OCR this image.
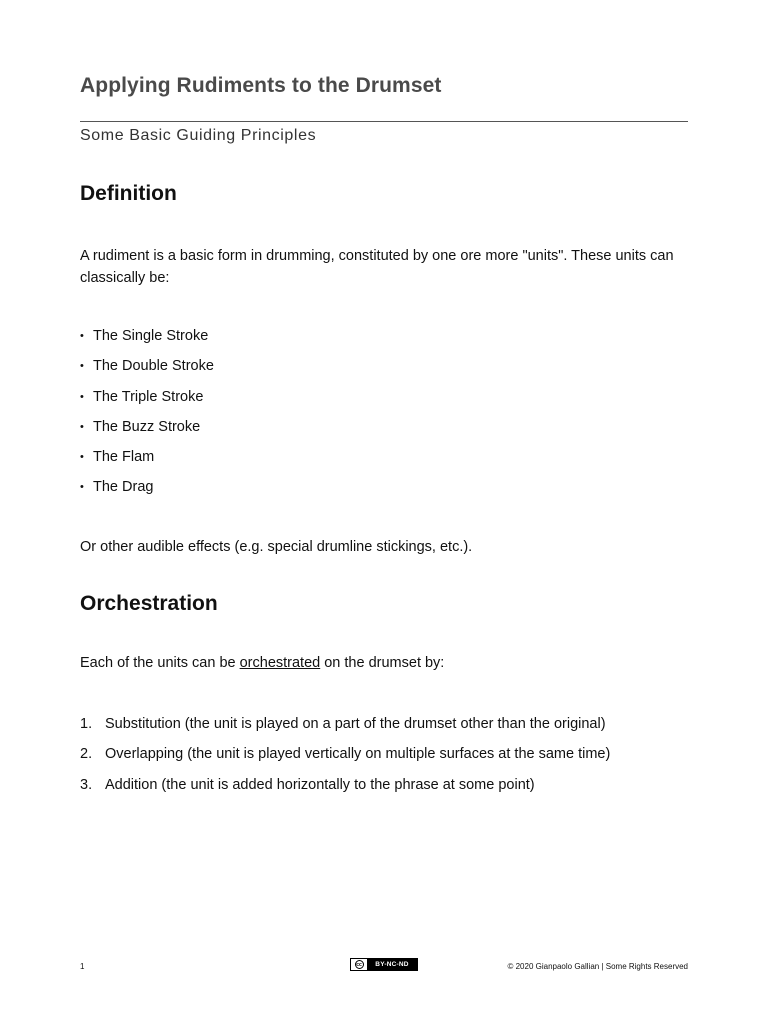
Applying Rudiments to the Drumset

Some Basic Guiding Principles

Definition

A rudiment is a basic form in drumming, constituted by one ore more "units". These units can classically be:

• The Single Stroke
• The Double Stroke
• The Triple Stroke
• The Buzz Stroke
• The Flam
• The Drag

Or other audible effects (e.g. special drumline stickings, etc.).

Orchestration

Each of the units can be orchestrated on the drumset by:

1. Substitution (the unit is played on a part of the drumset other than the original)
2. Overlapping (the unit is played vertically on multiple surfaces at the same time)
3. Addition (the unit is added horizontally to the phrase at some point)
1	cc	BY-NC-ND	© 2020 Gianpaolo Gallian | Some Rights Reserved
